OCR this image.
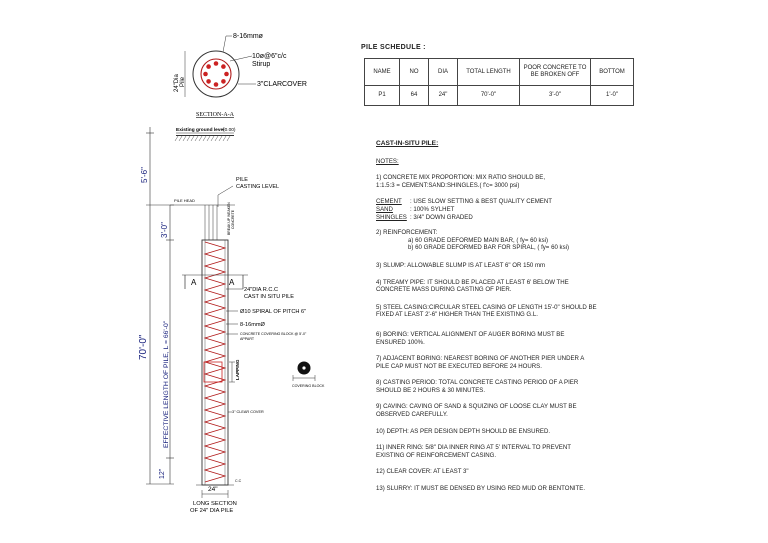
8-16mmø
10ø@6"c/c
Stirup
3"CLARCOVER
24"Dia Pile
SECTION-A-A
Existing ground level
(0.00)
PILE
CASTING LEVEL
PILE HEAD
BREAK UP WEAKEN CONCRETE
5'-6"
3'-0"
70'-0" EFFECTIVE LENGTH OF PILE, L = 66'-0"
12"
A	A
24"DIA R.C.C
CAST IN SITU PILE
Ø10 SPIRAL OF PITCH 6"
8-16mmØ
CONCRETE COVERING BLOCK @ 5'-0"
APPART
LAPPING
3" CLEAR COVER
C.C
24"
LONG SECTION
OF 24" DIA PILE
COVERING BLOCK
PILE SCHEDULE :
NAME	NO	DIA	TOTAL LENGTH	POOR CONCRETE TO BE BROKEN OFF	BOTTOM
P1	64	24"	70'-0"	3'-0"	1'-0"

CAST-IN-SITU PILE:

NOTES:

1) CONCRETE MIX PROPORTION: MIX RATIO SHOULD BE,

1:1.5:3 = CEMENT:SAND:SHINGLES.( f'c= 3000 psi)

CEMENT	: USE SLOW SETTING & BEST QUALITY CEMENT
SAND	: 100% SYLHET
SHINGLES : 3/4" DOWN GRADED

2) REINFORCEMENT:

a) 60 GRADE DEFORMED MAIN BAR, ( fy= 60 ksi)

b) 60 GRADE DEFORMED BAR FOR SPIRAL, ( fy= 60 ksi)

3) SLUMP: ALLOWABLE SLUMP IS AT LEAST 6" OR 150 mm

4) TREAMY PIPE: IT SHOULD BE PLACED AT LEAST 6' BELOW THE

CONCRETE MASS DURING CASTING OF PIER.

5) STEEL CASING:CIRCULAR STEEL CASING OF LENGTH 15'-0" SHOULD BE

FIXED AT LEAST 2'-6" HIGHER THAN THE EXISTING G.L.

6) BORING: VERTICAL ALIGNMENT OF AUGER BORING MUST BE

ENSURED 100%.

7) ADJACENT BORING: NEAREST BORING OF ANOTHER PIER UNDER A

PILE CAP MUST NOT BE EXECUTED BEFORE 24 HOURS.

8) CASTING PERIOD: TOTAL CONCRETE CASTING PERIOD OF A PIER

SHOULD BE 2 HOURS & 30 MINUTES.

9) CAVING: CAVING OF SAND & SQUIZING OF LOOSE CLAY MUST BE

OBSERVED CAREFULLY.

10) DEPTH: AS PER DESIGN DEPTH SHOULD BE ENSURED.

11) INNER RING: 5/8" DIA INNER RING AT 5' INTERVAL TO PREVENT

EXISTING OF REINFORCEMENT CASING.

12) CLEAR COVER: AT LEAST 3"

13) SLURRY: IT MUST BE DENSED BY USING RED MUD OR BENTONITE.
